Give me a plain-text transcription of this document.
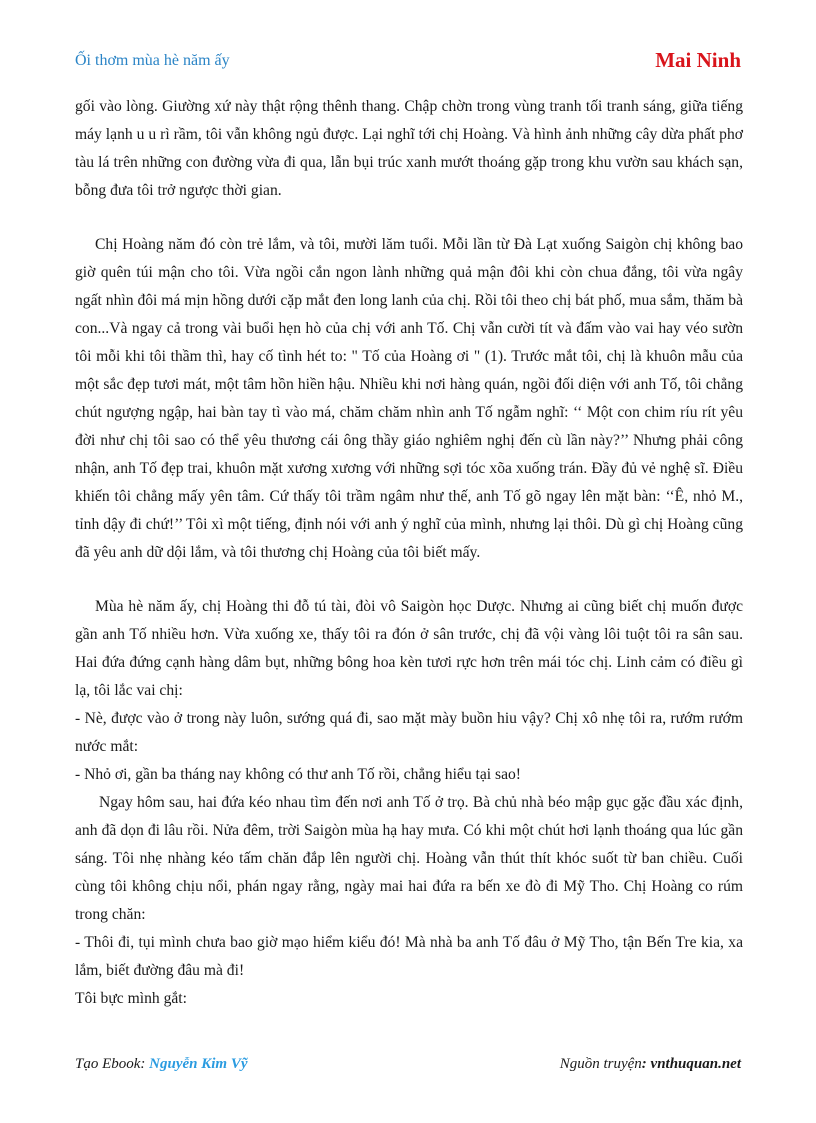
Ối thơm mùa hè năm ấy	Mai Ninh

gối vào lòng. Giường xứ này thật rộng thênh thang. Chập chờn trong vùng tranh tối tranh sáng, giữa tiếng máy lạnh u u rì rầm, tôi vẫn không ngủ được. Lại nghĩ tới chị Hoàng. Và hình ảnh những cây dừa phất phơ tàu lá trên những con đường vừa đi qua, lẫn bụi trúc xanh mướt thoáng gặp trong khu vườn sau khách sạn, bỗng đưa tôi trở ngược thời gian.

Chị Hoàng năm đó còn trẻ lắm, và tôi, mười lăm tuổi. Mỗi lần từ Đà Lạt xuống Saigòn chị không bao giờ quên túi mận cho tôi. Vừa ngồi cắn ngon lành những quả mận đôi khi còn chua đắng, tôi vừa ngây ngất nhìn đôi má mịn hồng dưới cặp mắt đen long lanh của chị. Rồi tôi theo chị bát phố, mua sắm, thăm bà con...Và ngay cả trong vài buổi hẹn hò của chị với anh Tố. Chị vẫn cười tít và đấm vào vai hay véo sườn tôi mỗi khi tôi thầm thì, hay cố tình hét to: " Tố của Hoàng ơi " (1). Trước mắt tôi, chị là khuôn mẫu của một sắc đẹp tươi mát, một tâm hồn hiền hậu. Nhiều khi nơi hàng quán, ngồi đối diện với anh Tố, tôi chẳng chút ngượng ngập, hai bàn tay tì vào má, chăm chăm nhìn anh Tố ngẫm nghĩ: ‘‘ Một con chim ríu rít yêu đời như chị tôi sao có thể yêu thương cái ông thầy giáo nghiêm nghị đến cù lần này?’’ Nhưng phải công nhận, anh Tố đẹp trai, khuôn mặt xương xương với những sợi tóc xõa xuống trán. Đầy đủ vẻ nghệ sĩ. Điều khiến tôi chẳng mấy yên tâm. Cứ thấy tôi trầm ngâm như thế, anh Tố gõ ngay lên mặt bàn: ‘‘Ê, nhỏ M., tỉnh dậy đi chứ!’’ Tôi xì một tiếng, định nói với anh ý nghĩ của mình, nhưng lại thôi. Dù gì chị Hoàng cũng đã yêu anh dữ dội lắm, và tôi thương chị Hoàng của tôi biết mấy.

Mùa hè năm ấy, chị Hoàng thi đỗ tú tài, đòi vô Saigòn học Dược. Nhưng ai cũng biết chị muốn được gần anh Tố nhiều hơn. Vừa xuống xe, thấy tôi ra đón ở sân trước, chị đã vội vàng lôi tuột tôi ra sân sau. Hai đứa đứng cạnh hàng dâm bụt, những bông hoa kèn tươi rực hơn trên mái tóc chị. Linh cảm có điều gì lạ, tôi lắc vai chị:

- Nè, được vào ở trong này luôn, sướng quá đi, sao mặt mày buồn hiu vậy? Chị xô nhẹ tôi ra, rướm rướm nước mắt:

- Nhỏ ơi, gần ba tháng nay không có thư anh Tố rồi, chẳng hiểu tại sao!

Ngay hôm sau, hai đứa kéo nhau tìm đến nơi anh Tố ở trọ. Bà chủ nhà béo mập gục gặc đầu xác định, anh đã dọn đi lâu rồi. Nửa đêm, trời Saigòn mùa hạ hay mưa. Có khi một chút hơi lạnh thoáng qua lúc gần sáng. Tôi nhẹ nhàng kéo tấm chăn đắp lên người chị. Hoàng vẫn thút thít khóc suốt từ ban chiều. Cuối cùng tôi không chịu nổi, phán ngay rằng, ngày mai hai đứa ra bến xe đò đi Mỹ Tho. Chị Hoàng co rúm trong chăn:

- Thôi đi, tụi mình chưa bao giờ mạo hiểm kiểu đó! Mà nhà ba anh Tố đâu ở Mỹ Tho, tận Bến Tre kia, xa lắm, biết đường đâu mà đi!

Tôi bực mình gắt:

Tạo Ebook: Nguyễn Kim Vỹ	Nguồn truyện: vnthuquan.net
